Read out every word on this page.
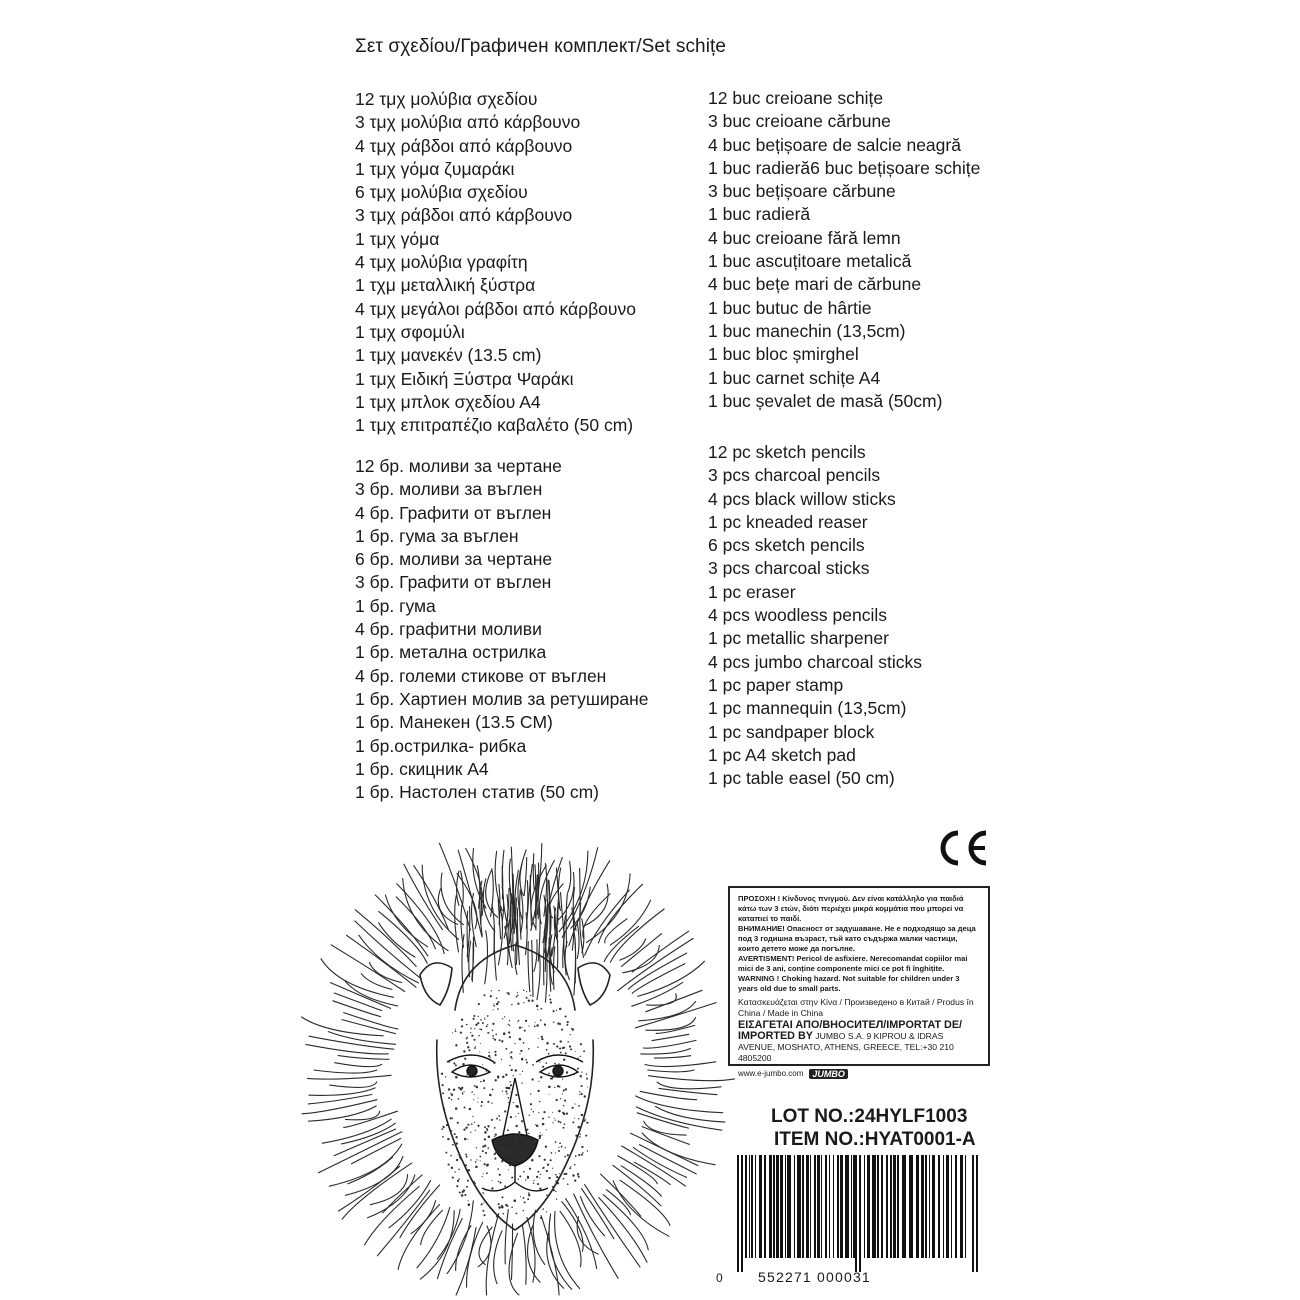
Σετ σχεδίου/Графичен комплект/Set schițe
12 τμχ μολύβια σχεδίου
3 τμχ μολύβια από κάρβουνο
4 τμχ ράβδοι από κάρβουνο
1 τμχ γόμα ζυμαράκι
6 τμχ μολύβια σχεδίου
3 τμχ ράβδοι από κάρβουνο
1 τμχ γόμα
4 τμχ μολύβια γραφίτη
1 τχμ μεταλλική ξύστρα
4 τμχ μεγάλοι ράβδοι από κάρβουνο
1 τμχ σφομύλι
1 τμχ μανεκέν (13.5 cm)
1 τμχ Ειδική Ξύστρα Ψαράκι
1 τμχ μπλοκ σχεδίου Α4
1 τμχ επιτραπέζιο καβαλέτο (50 cm)
12 бр. моливи за чертане
3 бр. моливи за въглен
4 бр. Графити от въглен
1 бр. гума за въглен
6 бр. моливи за чертане
3 бр. Графити от въглен
1 бр. гума
4 бр. графитни моливи
1 бр. метална острилка
4 бр. големи стикове от въглен
1 бр. Хартиен молив за ретуширане
1 бр. Манекен (13.5 CM)
1 бр.острилка- рибка
1 бр. скицник А4
1 бр. Настолен статив (50 cm)
12 buc creioane schițe
3 buc creioane cărbune
4 buc bețișoare de salcie neagră
1 buc radieră6 buc bețișoare schițe
3 buc bețișoare cărbune
1 buc radieră
4 buc creioane fără lemn
1 buc ascuțitoare metalică
4 buc bețe mari de cărbune
1 buc butuc de hârtie
1 buc manechin (13,5cm)
1 buc bloc șmirghel
1 buc carnet schițe A4
1 buc șevalet de masă (50cm)
12 pc sketch pencils
3 pcs charcoal pencils
4 pcs black willow sticks
1 pc kneaded reaser
6 pcs sketch pencils
3 pcs charcoal sticks
1 pc eraser
4 pcs woodless pencils
1 pc metallic sharpener
4 pcs jumbo charcoal sticks
1 pc paper stamp
1 pc mannequin (13,5cm)
1 pc sandpaper block
1 pc A4 sketch pad
1 pc table easel (50 cm)
ΠΡΟΣΟΧΗ ! Κίνδυνος πνιγμού. Δεν είναι κατάλληλο για παιδιά κάτω των 3 ετών, διότι περιέχει μικρά κομμάτια που μπορεί να καταπιεί το παιδί.
ВНИМАНИЕ! Опасност от задушаване. Не е подходящо за деца под 3 годишна възраст, тъй като съдържа малки частици, които детето може да погълне.
AVERTISMENT! Pericol de asfixiere. Nerecomandat copiilor mai mici de 3 ani, conține componente mici ce pot fi înghițite.
WARNING ! Choking hazard. Not suitable for children under 3 years old due to small parts.
Κατασκευάζεται στην Κίνα / Произведено в Китай / Produs în China / Made in China
ΕΙΣΑΓΕΤΑΙ ΑΠΟ/ВНОСИТЕЛ/IMPORTAT DE/
IMPORTED BY JUMBO S.A. 9 KIPROU & IDRAS AVENUE, MOSHATO, ATHENS, GREECE, TEL:+30 210 4805200
www.e-jumbo.com	JUMBO
LOT NO.:24HYLF1003
ITEM NO.:HYAT0001-A
0	552271 000031
